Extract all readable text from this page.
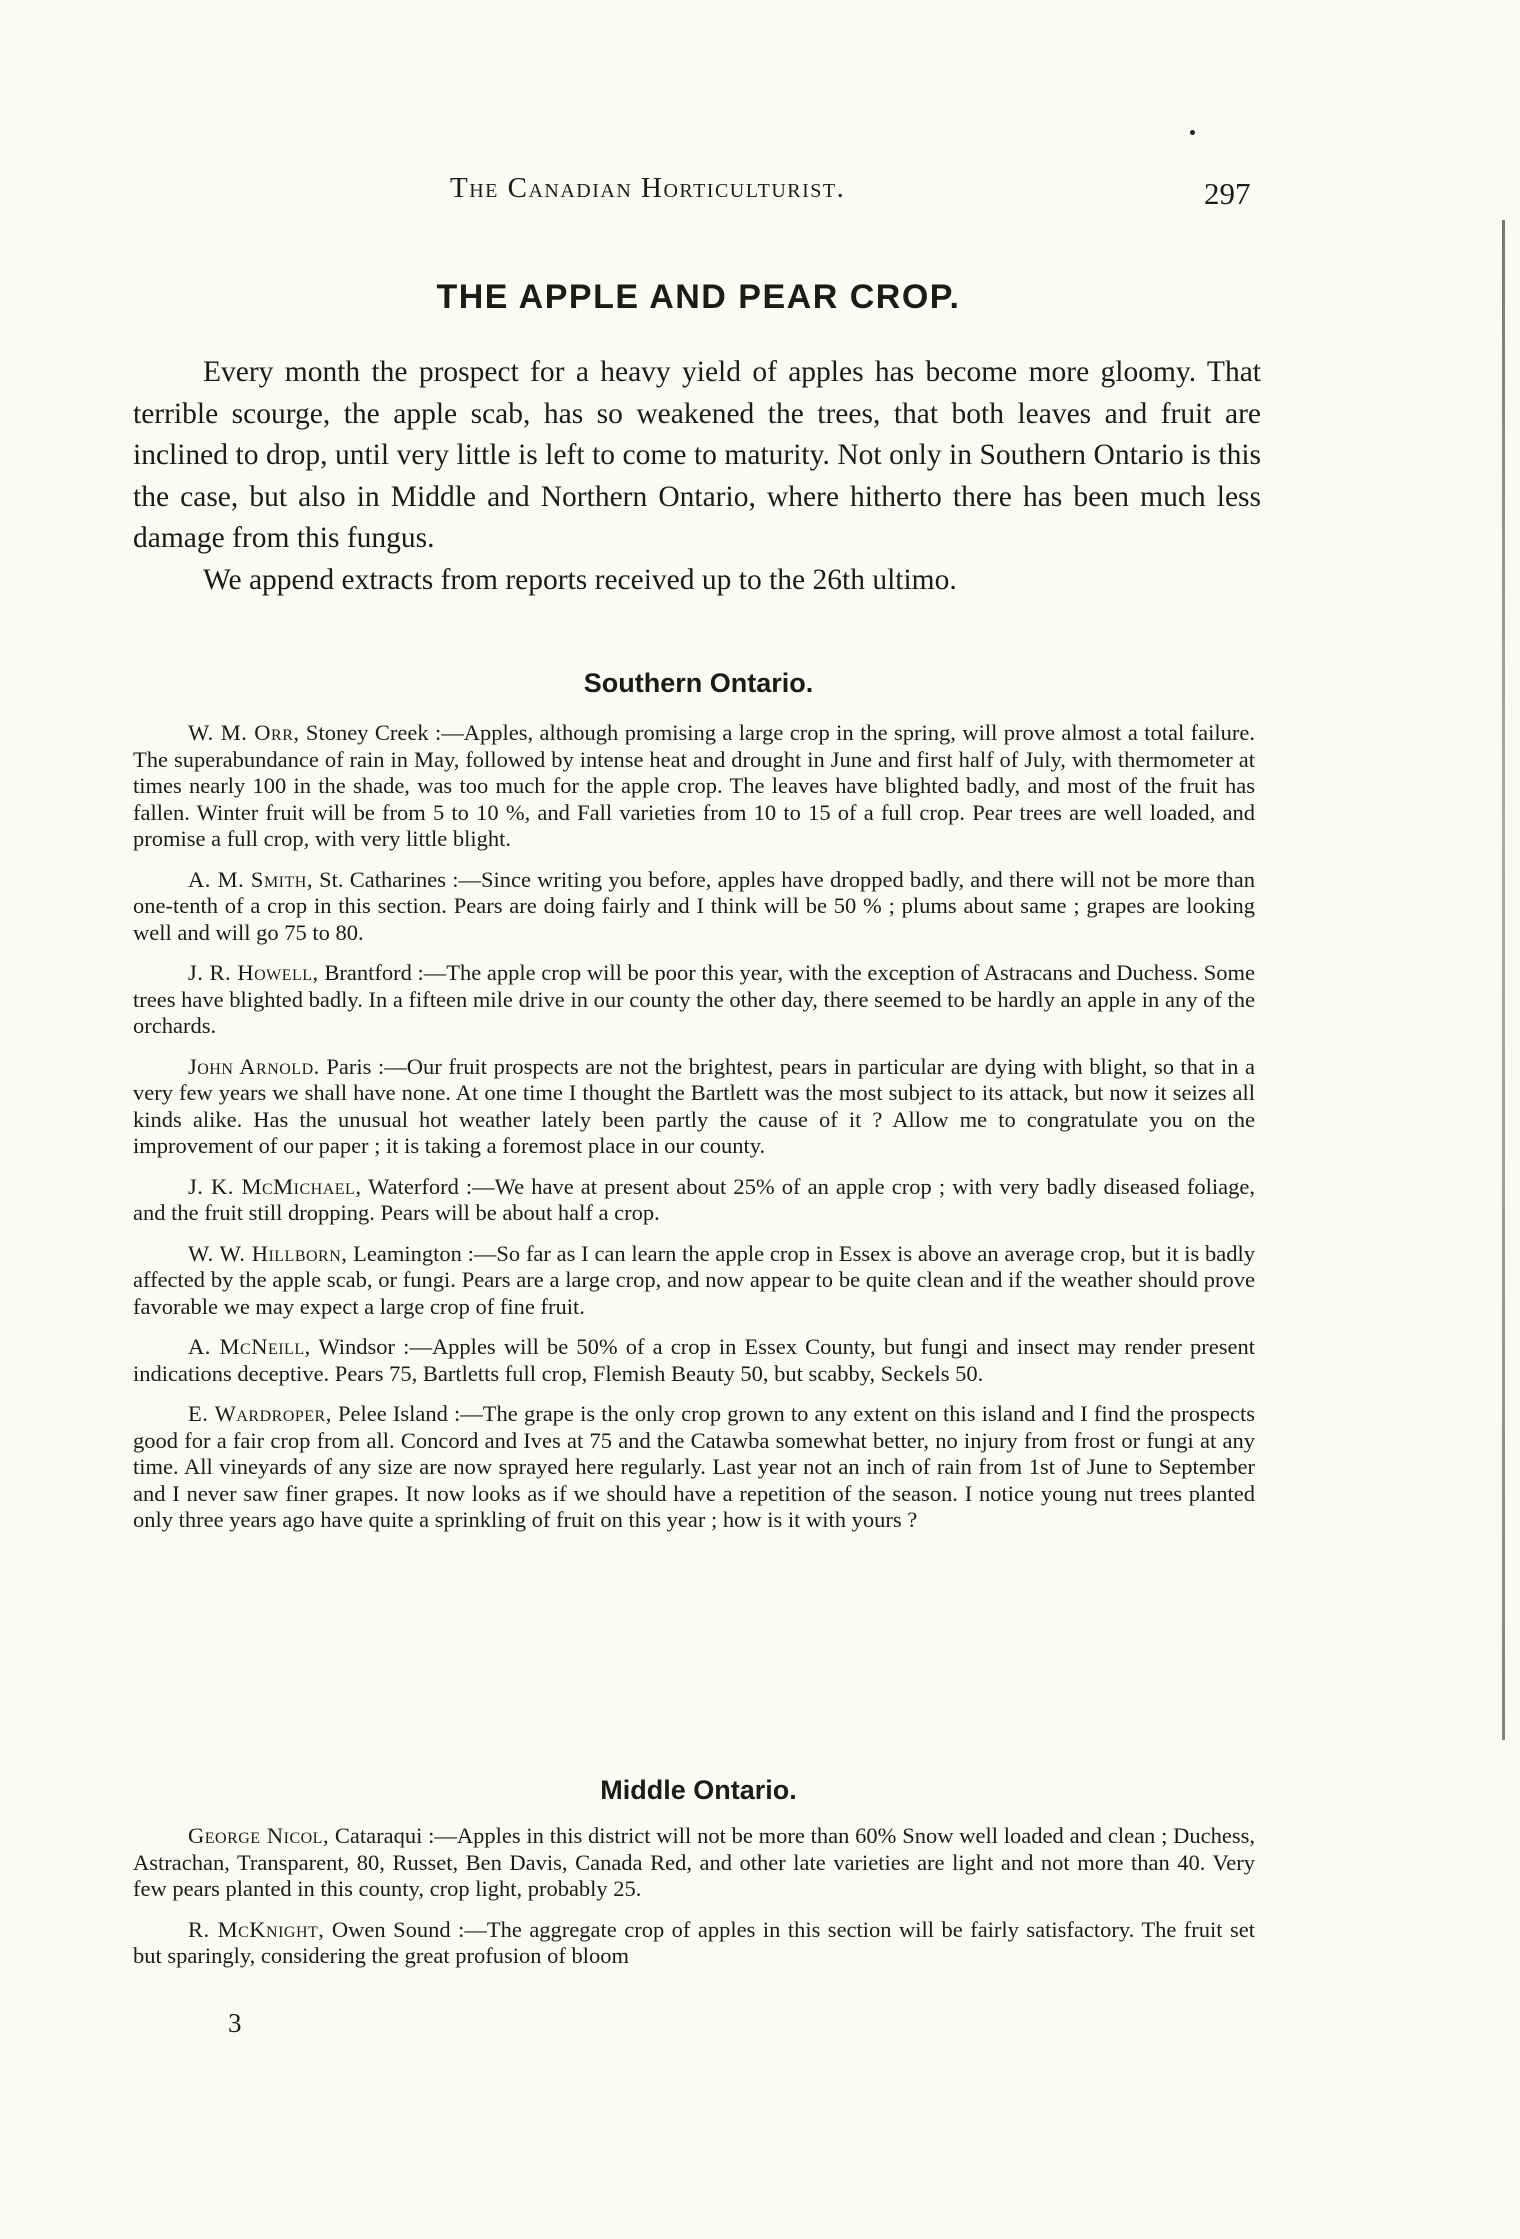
The Canadian Horticulturist.	297
THE APPLE AND PEAR CROP.

Every month the prospect for a heavy yield of apples has become more gloomy. That terrible scourge, the apple scab, has so weakened the trees, that both leaves and fruit are inclined to drop, until very little is left to come to maturity. Not only in Southern Ontario is this the case, but also in Middle and Northern Ontario, where hitherto there has been much less damage from this fungus.

We append extracts from reports received up to the 26th ultimo.

Southern Ontario.

W. M. Orr, Stoney Creek :—Apples, although promising a large crop in the spring, will prove almost a total failure. The superabundance of rain in May, followed by intense heat and drought in June and first half of July, with thermometer at times nearly 100 in the shade, was too much for the apple crop. The leaves have blighted badly, and most of the fruit has fallen. Winter fruit will be from 5 to 10 %, and Fall varieties from 10 to 15 of a full crop. Pear trees are well loaded, and promise a full crop, with very little blight.

A. M. Smith, St. Catharines :—Since writing you before, apples have dropped badly, and there will not be more than one-tenth of a crop in this section. Pears are doing fairly and I think will be 50 % ; plums about same ; grapes are looking well and will go 75 to 80.

J. R. Howell, Brantford :—The apple crop will be poor this year, with the exception of Astracans and Duchess. Some trees have blighted badly. In a fifteen mile drive in our county the other day, there seemed to be hardly an apple in any of the orchards.

John Arnold. Paris :—Our fruit prospects are not the brightest, pears in particular are dying with blight, so that in a very few years we shall have none. At one time I thought the Bartlett was the most subject to its attack, but now it seizes all kinds alike. Has the unusual hot weather lately been partly the cause of it ? Allow me to congratulate you on the improvement of our paper ; it is taking a foremost place in our county.

J. K. McMichael, Waterford :—We have at present about 25% of an apple crop ; with very badly diseased foliage, and the fruit still dropping. Pears will be about half a crop.

W. W. Hillborn, Leamington :—So far as I can learn the apple crop in Essex is above an average crop, but it is badly affected by the apple scab, or fungi. Pears are a large crop, and now appear to be quite clean and if the weather should prove favorable we may expect a large crop of fine fruit.

A. McNeill, Windsor :—Apples will be 50% of a crop in Essex County, but fungi and insect may render present indications deceptive. Pears 75, Bartletts full crop, Flemish Beauty 50, but scabby, Seckels 50.

E. Wardroper, Pelee Island :—The grape is the only crop grown to any extent on this island and I find the prospects good for a fair crop from all. Concord and Ives at 75 and the Catawba somewhat better, no injury from frost or fungi at any time. All vineyards of any size are now sprayed here regularly. Last year not an inch of rain from 1st of June to September and I never saw finer grapes. It now looks as if we should have a repetition of the season. I notice young nut trees planted only three years ago have quite a sprinkling of fruit on this year ; how is it with yours ?

Middle Ontario.

George Nicol, Cataraqui :—Apples in this district will not be more than 60% Snow well loaded and clean ; Duchess, Astrachan, Transparent, 80, Russet, Ben Davis, Canada Red, and other late varieties are light and not more than 40. Very few pears planted in this county, crop light, probably 25.

R. McKnight, Owen Sound :—The aggregate crop of apples in this section will be fairly satisfactory. The fruit set but sparingly, considering the great profusion of bloom

3
